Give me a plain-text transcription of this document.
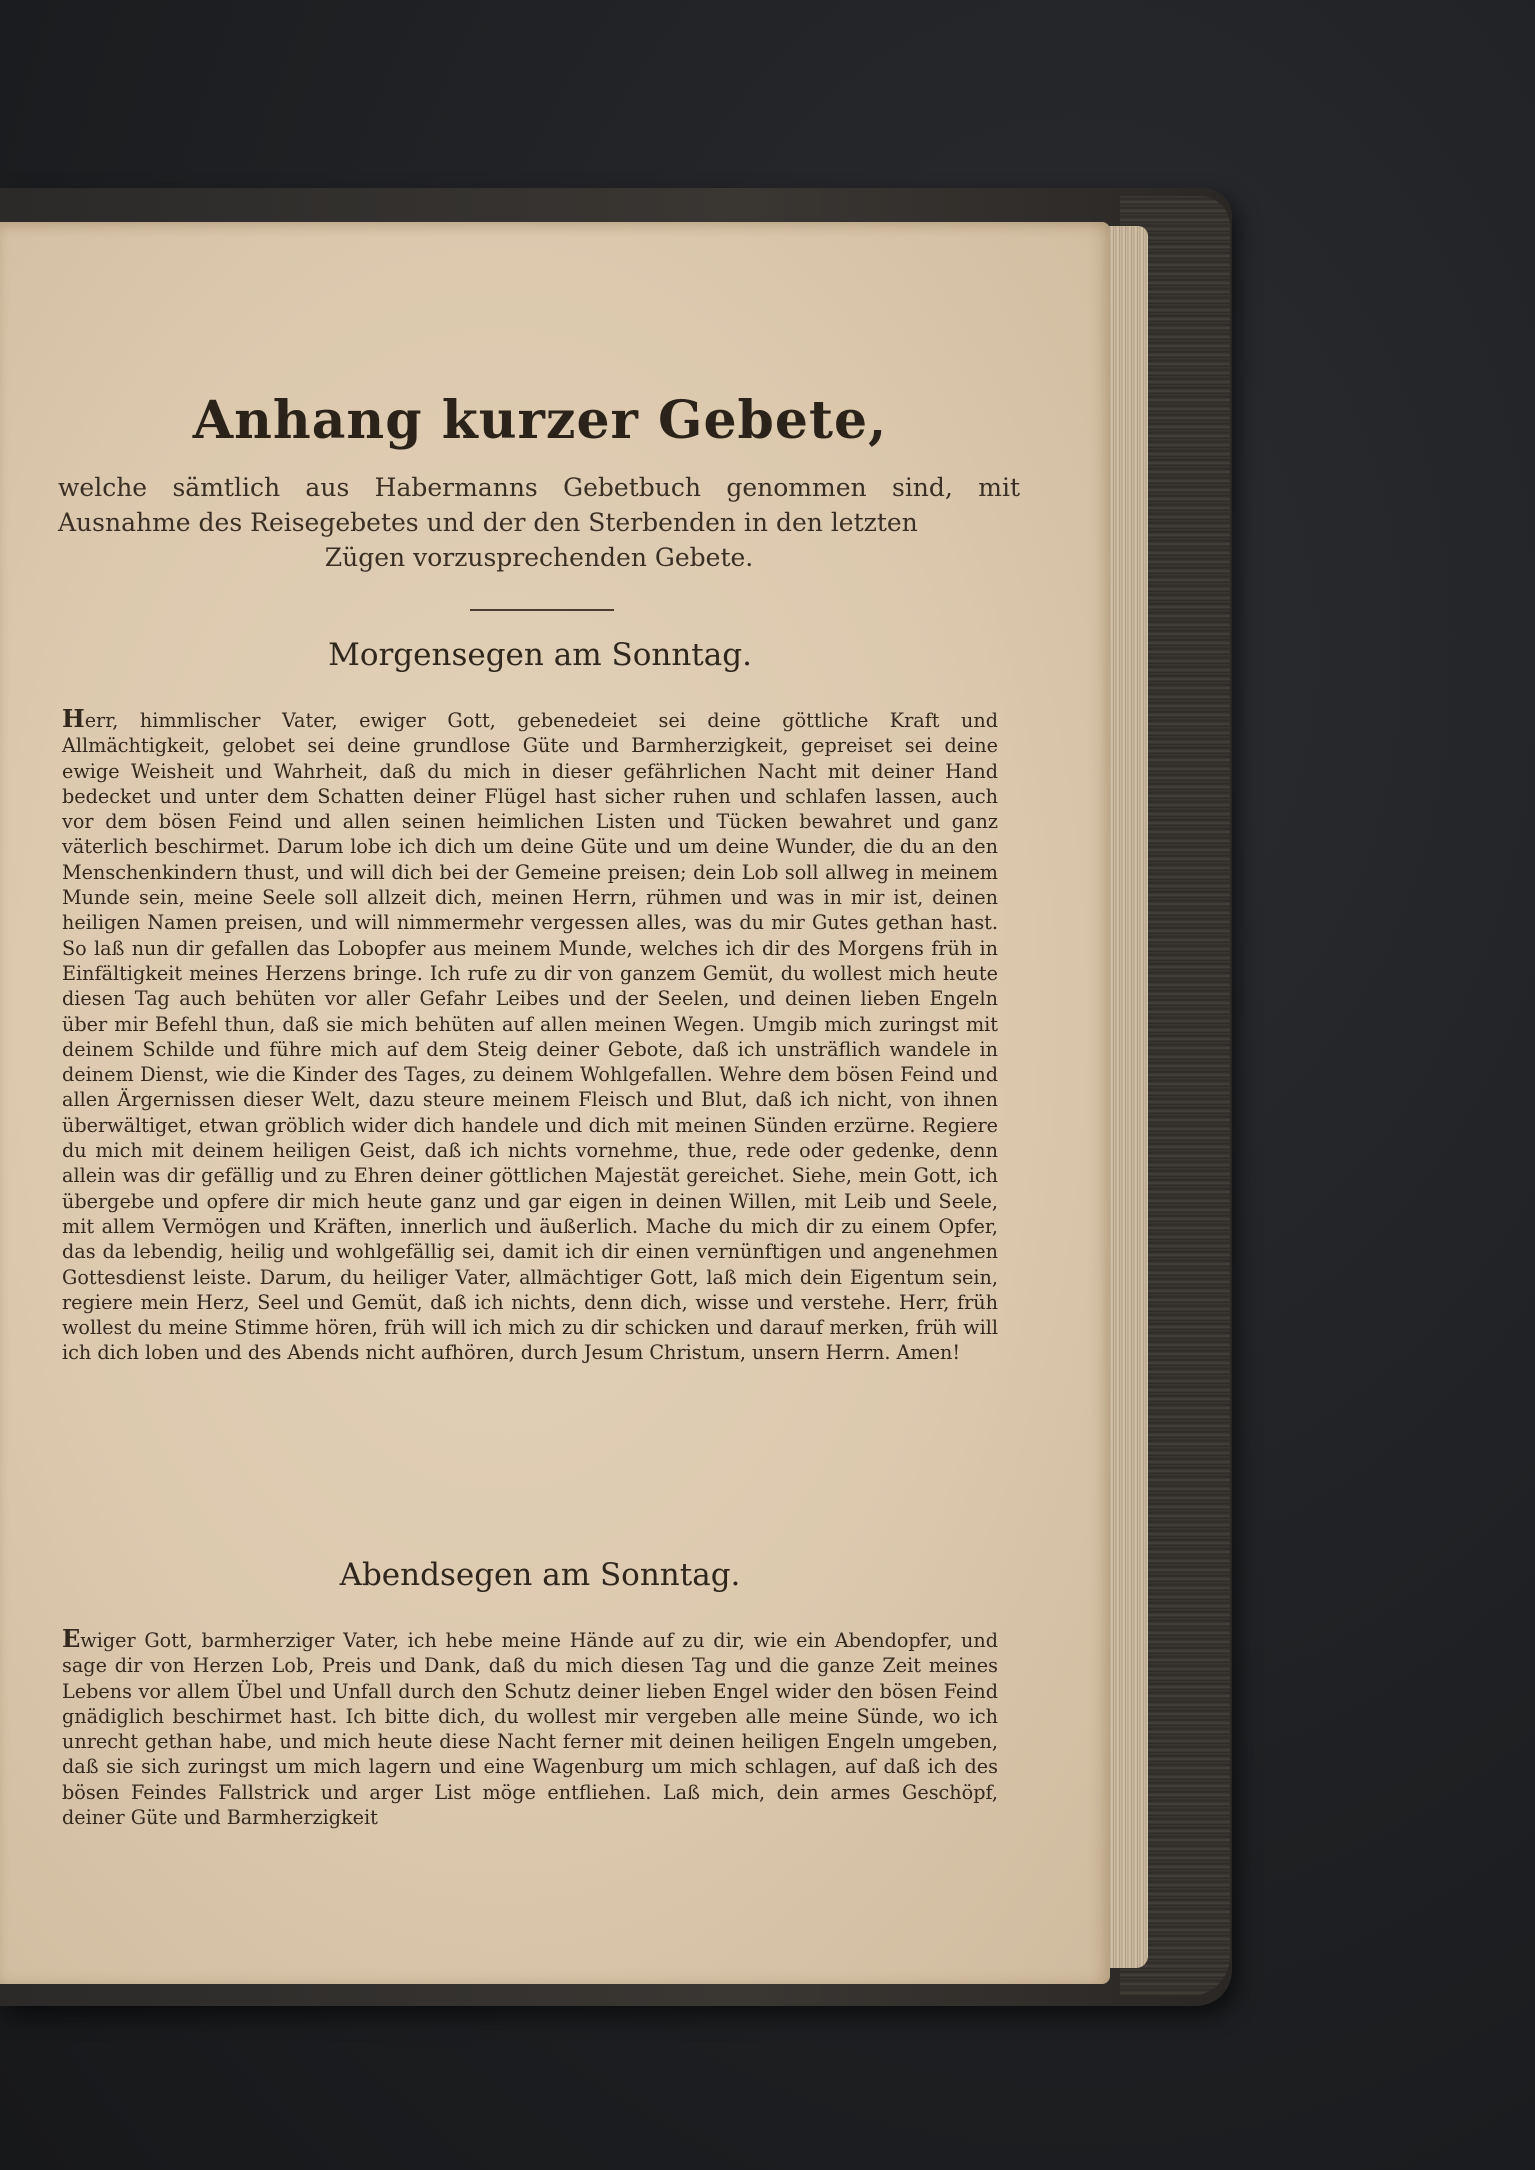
Anhang kurzer Gebete,
welche sämtlich aus Habermanns Gebetbuch genommen sind, mit Ausnahme des Reisegebetes und der den Sterbenden in den letzten
Zügen vorzusprechenden Gebete.
Morgensegen am Sonntag.
Herr, himmlischer Vater, ewiger Gott, gebenedeiet sei deine göttliche Kraft und Allmächtigkeit, gelobet sei deine grundlose Güte und Barmherzigkeit, gepreiset sei deine ewige Weisheit und Wahrheit, daß du mich in dieser gefährlichen Nacht mit deiner Hand bedecket und unter dem Schatten deiner Flügel hast sicher ruhen und schlafen lassen, auch vor dem bösen Feind und allen seinen heimlichen Listen und Tücken bewahret und ganz väterlich beschirmet. Darum lobe ich dich um deine Güte und um deine Wunder, die du an den Menschenkindern thust, und will dich bei der Gemeine preisen; dein Lob soll allweg in meinem Munde sein, meine Seele soll allzeit dich, meinen Herrn, rühmen und was in mir ist, deinen heiligen Namen preisen, und will nimmermehr vergessen alles, was du mir Gutes gethan hast. So laß nun dir gefallen das Lobopfer aus meinem Munde, welches ich dir des Morgens früh in Einfältigkeit meines Herzens bringe. Ich rufe zu dir von ganzem Gemüt, du wollest mich heute diesen Tag auch behüten vor aller Gefahr Leibes und der Seelen, und deinen lieben Engeln über mir Befehl thun, daß sie mich behüten auf allen meinen Wegen. Umgib mich zuringst mit deinem Schilde und führe mich auf dem Steig deiner Gebote, daß ich unsträflich wandele in deinem Dienst, wie die Kinder des Tages, zu deinem Wohlgefallen. Wehre dem bösen Feind und allen Ärgernissen dieser Welt, dazu steure meinem Fleisch und Blut, daß ich nicht, von ihnen überwältiget, etwan gröblich wider dich handele und dich mit meinen Sünden erzürne. Regiere du mich mit deinem heiligen Geist, daß ich nichts vornehme, thue, rede oder gedenke, denn allein was dir gefällig und zu Ehren deiner göttlichen Majestät gereichet. Siehe, mein Gott, ich übergebe und opfere dir mich heute ganz und gar eigen in deinen Willen, mit Leib und Seele, mit allem Vermögen und Kräften, innerlich und äußerlich. Mache du mich dir zu einem Opfer, das da lebendig, heilig und wohlgefällig sei, damit ich dir einen vernünftigen und angenehmen Gottesdienst leiste. Darum, du heiliger Vater, allmächtiger Gott, laß mich dein Eigentum sein, regiere mein Herz, Seel und Gemüt, daß ich nichts, denn dich, wisse und verstehe. Herr, früh wollest du meine Stimme hören, früh will ich mich zu dir schicken und darauf merken, früh will ich dich loben und des Abends nicht aufhören, durch Jesum Christum, unsern Herrn. Amen!
Abendsegen am Sonntag.
Ewiger Gott, barmherziger Vater, ich hebe meine Hände auf zu dir, wie ein Abendopfer, und sage dir von Herzen Lob, Preis und Dank, daß du mich diesen Tag und die ganze Zeit meines Lebens vor allem Übel und Unfall durch den Schutz deiner lieben Engel wider den bösen Feind gnädiglich beschirmet hast. Ich bitte dich, du wollest mir vergeben alle meine Sünde, wo ich unrecht gethan habe, und mich heute diese Nacht ferner mit deinen heiligen Engeln umgeben, daß sie sich zuringst um mich lagern und eine Wagenburg um mich schlagen, auf daß ich des bösen Feindes Fallstrick und arger List möge entfliehen. Laß mich, dein armes Geschöpf, deiner Güte und Barmherzigkeit
